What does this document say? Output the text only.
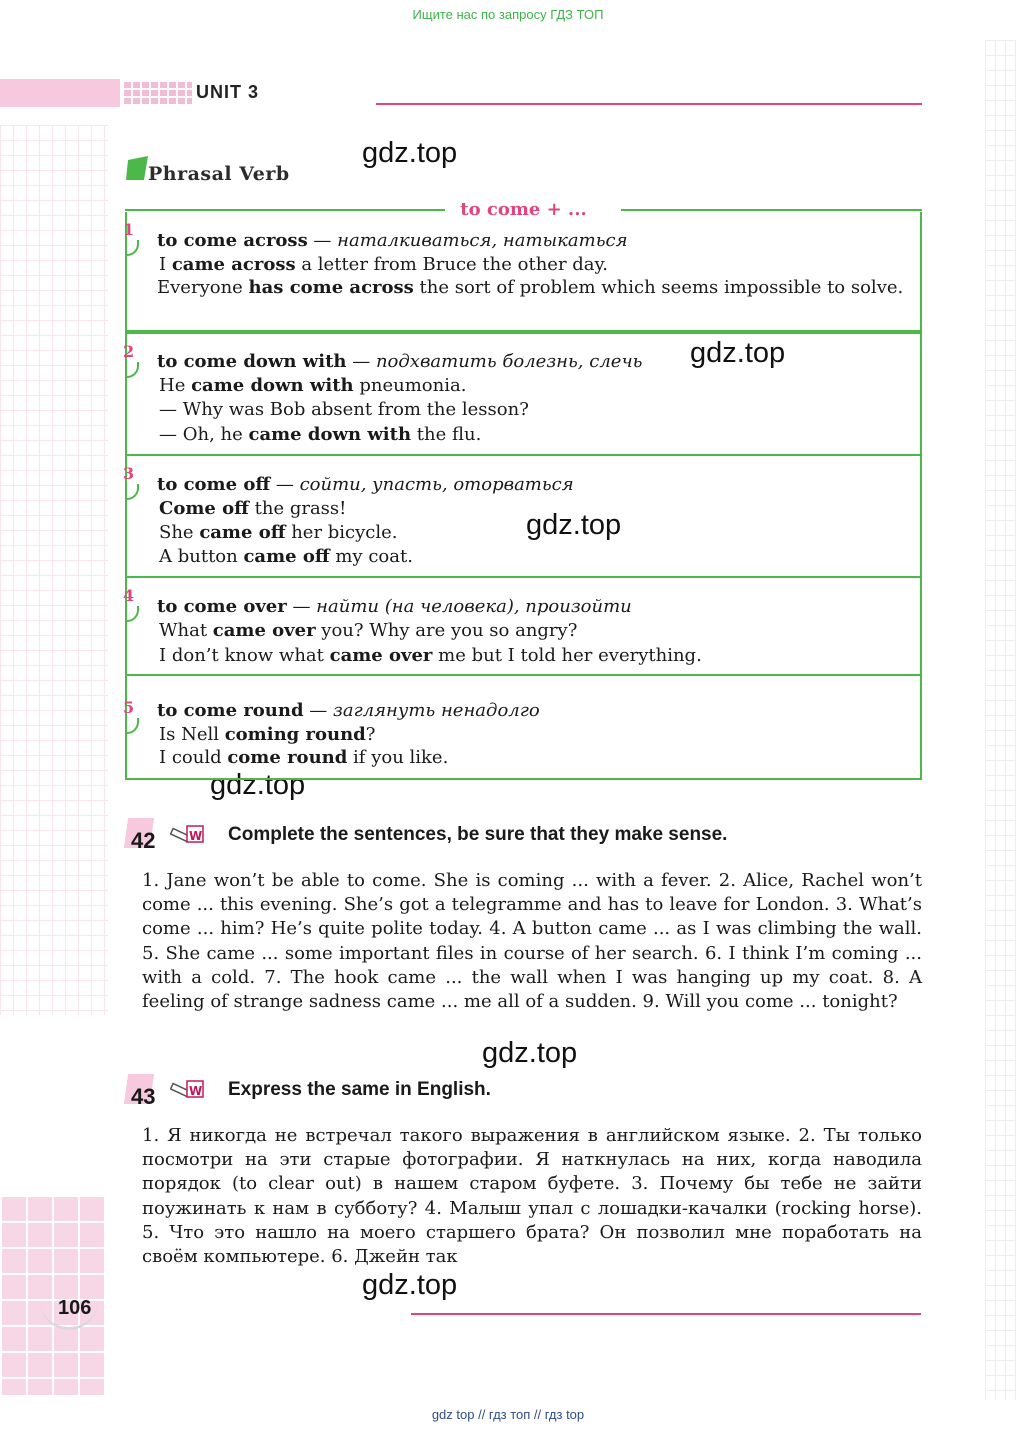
Ищите нас по запросу ГДЗ ТОП
UNIT 3
Phrasal Verb
gdz.top
gdz.top
gdz.top
gdz.top
gdz.top
gdz.top
to come + ...
1
to come across — наталкиваться, натыкаться
I came across a letter from Bruce the other day.
Everyone has come across the sort of problem which seems impossible to solve.
2 to come down with — подхватить болезнь, слечь
He came down with pneumonia.
— Why was Bob absent from the lesson?
— Oh, he came down with the flu.
3
to come off — сойти, упасть, оторваться
Come off the grass!
She came off her bicycle.
A button came off my coat.
4
to come over — найти (на человека), произойти
What came over you? Why are you so angry?
I don’t know what came over me but I told her everything.
5 to come round — заглянуть ненадолго
Is Nell coming round?
I could come round if you like.
42	W Complete the sentences, be sure that they make sense.
1. Jane won’t be able to come. She is coming ... with a fever. 2. Alice, Rachel won’t come ... this evening. She’s got a telegramme and has to leave for London. 3. What’s come ... him? He’s quite polite today. 4. A button came ... as I was climbing the wall. 5. She came ... some important files in course of her search. 6. I think I’m coming ... with a cold. 7. The hook came ... the wall when I was hanging up my coat. 8. A feeling of strange sadness came ... me all of a sudden. 9. Will you come ... tonight?
43	W Express the same in English.
1. Я никогда не встречал такого выражения в английском языке. 2. Ты только посмотри на эти старые фотографии. Я наткнулась на них, когда наводила порядок (to clear out) в нашем старом буфете. 3. Почему бы тебе не зайти поужинать к нам в субботу? 4. Малыш упал с лошадки-качалки (rocking horse). 5. Что это нашло на моего старшего брата? Он позволил мне поработать на своём компьютере. 6. Джейн так
106
gdz top // гдз топ // гдз top
